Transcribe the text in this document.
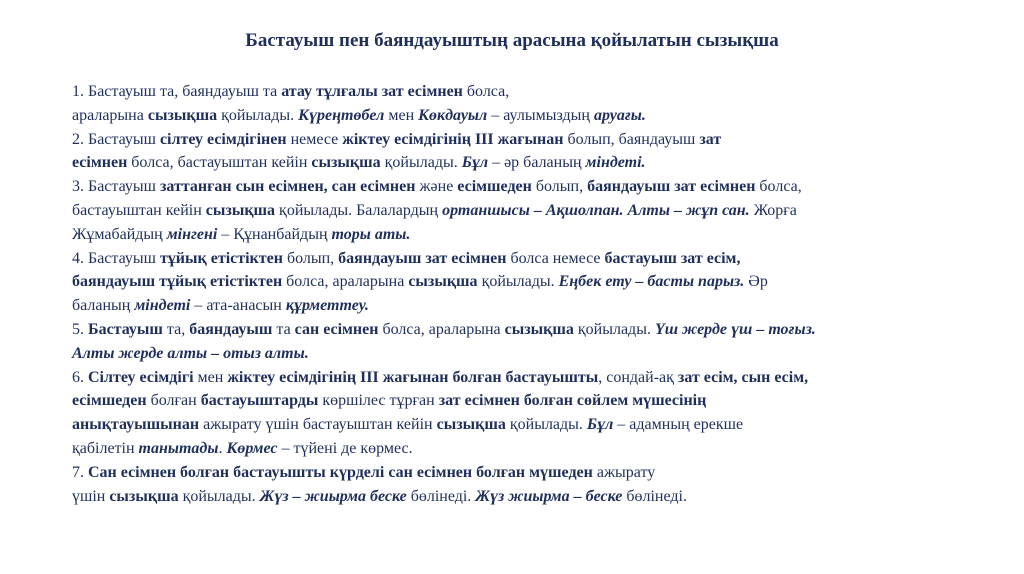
Бастауыш пен баяндауыштың арасына қойылатын сызықша
1. Бастауыш та, баяндауыш та атау тұлғалы зат есімнен болса,
араларына сызықша қойылады. Күреңтөбел мен Көкдауыл – аулымыздың аруағы.
2. Бастауыш сілтеу есімдігінен немесе жіктеу есімдігінің ІІІ жағынан болып, баяндауыш зат
есімнен болса, бастауыштан кейін сызықша қойылады. Бұл – әр баланың міндеті.
3. Бастауыш заттанған сын есімнен, сан есімнен және есімшеден болып, баяндауыш зат есімнен болса,
бастауыштан кейін сызықша қойылады. Балалардың ортаншысы – Ақшолпан. Алты – жұп сан. Жорға
Жұмабайдың мінгені – Құнанбайдың торы аты.
4. Бастауыш тұйық етістіктен болып, баяндауыш зат есімнен болса немесе бастауыш зат есім,
баяндауыш тұйық етістіктен болса, араларына сызықша қойылады. Еңбек ету – басты парыз. Әр
баланың міндеті – ата-анасын құрметтеу.
5. Бастауыш та, баяндауыш та сан есімнен болса, араларына сызықша қойылады. Үш жерде үш – тоғыз.
Алты жерде алты – отыз алты.
6. Сілтеу есімдігі мен жіктеу есімдігінің ІІІ жағынан болған бастауышты, сондай-ақ зат есім, сын есім,
есімшеден болған бастауыштарды көршілес тұрған зат есімнен болған сөйлем мүшесінің
анықтауышынан ажырату үшін бастауыштан кейін сызықша қойылады. Бұл – адамның ерекше
қабілетін танытады. Көрмес – түйені де көрмес.
7. Сан есімнен болған бастауышты күрделі сан есімнен болған мүшеден ажырату
үшін сызықша қойылады. Жүз – жиырма беске бөлінеді. Жүз жиырма – беске бөлінеді.
